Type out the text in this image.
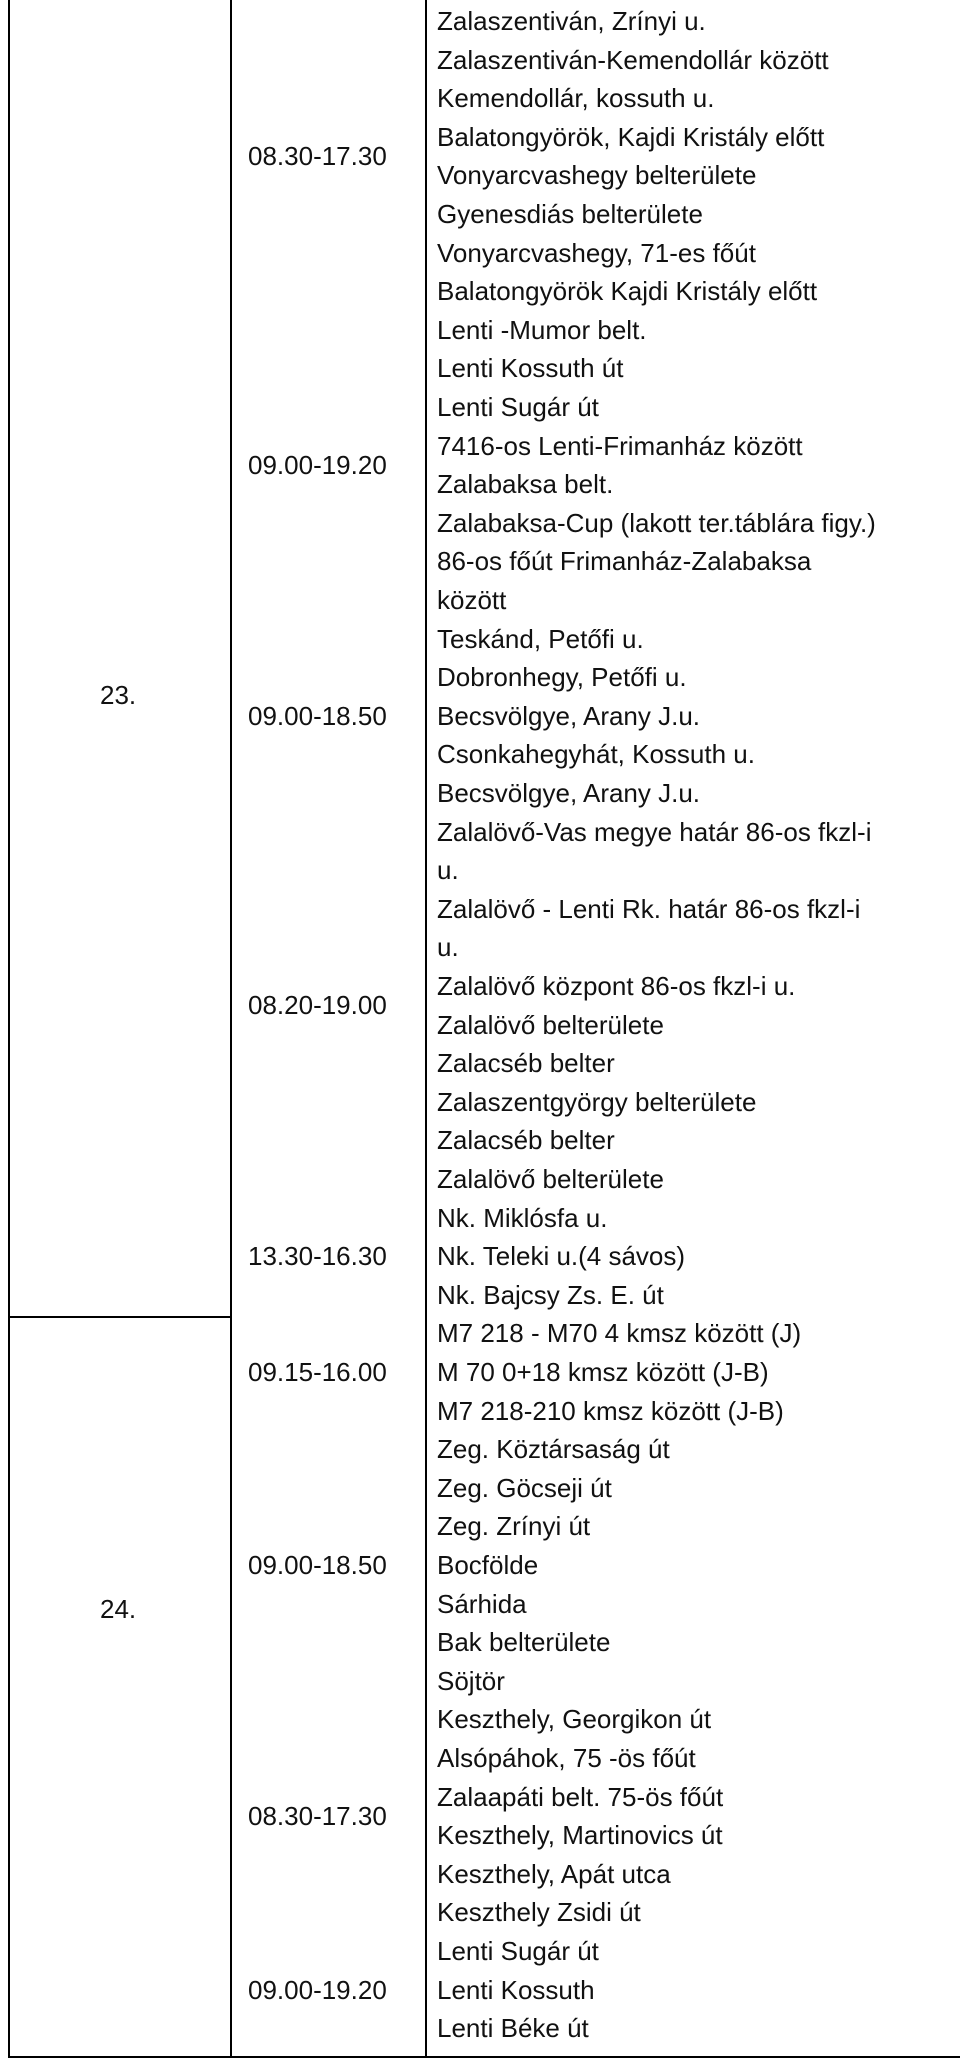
23.
08.30-17.30
Zalaszentiván, Zrínyi u.
Zalaszentiván-Kemendollár között
Kemendollár, kossuth u.
Balatongyörök, Kajdi Kristály előtt
Vonyarcvashegy belterülete
Gyenesdiás belterülete
Vonyarcvashegy, 71-es főút
Balatongyörök Kajdi Kristály előtt
09.00-19.20
Lenti -Mumor belt.
Lenti Kossuth út
Lenti Sugár út
7416-os Lenti-Frimanház között
Zalabaksa belt.
Zalabaksa-Cup (lakott ter.táblára figy.)
86-os főút Frimanház-Zalabaksa
között
09.00-18.50
Teskánd, Petőfi u.
Dobronhegy, Petőfi u.
Becsvölgye, Arany J.u.
Csonkahegyhát, Kossuth u.
Becsvölgye, Arany J.u.
08.20-19.00
Zalalövő-Vas megye határ 86-os fkzl-i
u.
Zalalövő - Lenti Rk. határ 86-os fkzl-i
u.
Zalalövő központ 86-os fkzl-i u.
Zalalövő belterülete
Zalacséb belter
Zalaszentgyörgy belterülete
Zalacséb belter
Zalalövő belterülete
13.30-16.30
Nk. Miklósfa u.
Nk. Teleki u.(4 sávos)
Nk. Bajcsy Zs. E. út
24.
09.15-16.00
M7 218 - M70 4 kmsz között (J)
M 70 0+18 kmsz között (J-B)
M7 218-210 kmsz között (J-B)
09.00-18.50
Zeg. Köztársaság út
Zeg. Göcseji út
Zeg. Zrínyi út
Bocfölde
Sárhida
Bak belterülete
Söjtör
08.30-17.30
Keszthely, Georgikon út
Alsópáhok, 75 -ös főút
Zalaapáti belt. 75-ös főút
Keszthely, Martinovics út
Keszthely, Apát utca
Keszthely Zsidi út
09.00-19.20
Lenti Sugár út
Lenti Kossuth
Lenti Béke út
